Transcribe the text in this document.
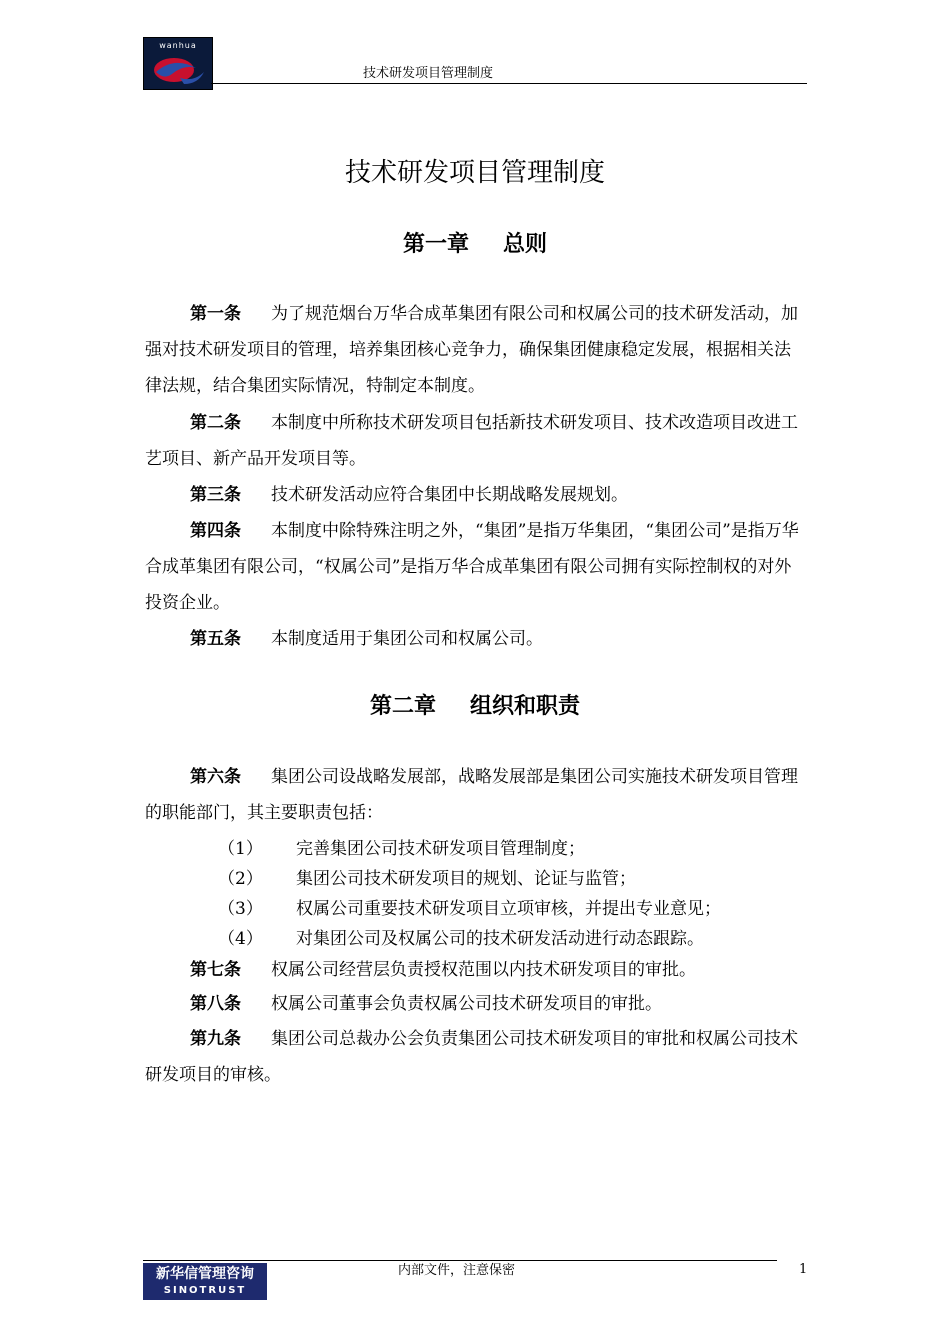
wanhua
技术研发项目管理制度
技术研发项目管理制度
第一章 总则
第一条 为了规范烟台万华合成革集团有限公司和权属公司的技术研发活动，加强对技术研发项目的管理，培养集团核心竞争力，确保集团健康稳定发展，根据相关法律法规，结合集团实际情况，特制定本制度。
第二条 本制度中所称技术研发项目包括新技术研发项目、技术改造项目改进工艺项目、新产品开发项目等。
第三条 技术研发活动应符合集团中长期战略发展规划。
第四条 本制度中除特殊注明之外，“集团”是指万华集团，“集团公司”是指万华合成革集团有限公司，“权属公司”是指万华合成革集团有限公司拥有实际控制权的对外投资企业。
第五条 本制度适用于集团公司和权属公司。
第二章 组织和职责
第六条 集团公司设战略发展部，战略发展部是集团公司实施技术研发项目管理的职能部门，其主要职责包括：
（1） 完善集团公司技术研发项目管理制度；
（2） 集团公司技术研发项目的规划、论证与监管；
（3） 权属公司重要技术研发项目立项审核，并提出专业意见；
（4） 对集团公司及权属公司的技术研发活动进行动态跟踪。
第七条 权属公司经营层负责授权范围以内技术研发项目的审批。
第八条 权属公司董事会负责权属公司技术研发项目的审批。
第九条 集团公司总裁办公会负责集团公司技术研发项目的审批和权属公司技术研发项目的审核。
新华信管理咨询
SINOTRUST
内部文件，注意保密	1
